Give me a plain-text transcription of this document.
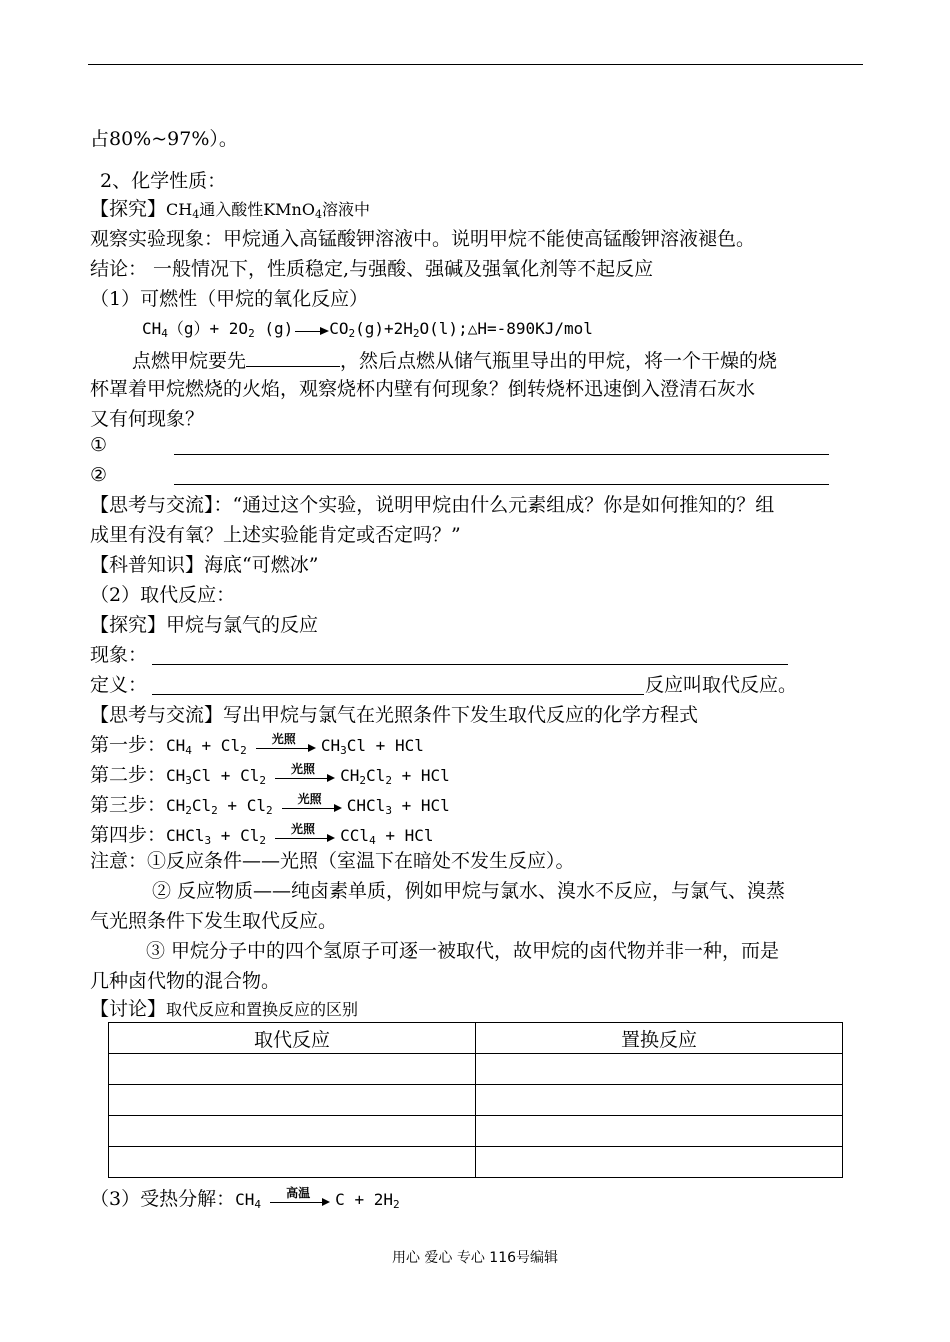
占80%~97%）。
2、化学性质：
【探究】$CH_4$通入酸性KMnO$_4$溶液中
观察实验现象：甲烷通入高锰酸钾溶液中。说明甲烷不能使高锰酸钾溶液褪色。
结论： 一般情况下，性质稳定,与强酸、强碱及强氧化剂等不起反应
（1）可燃性（甲烷的氧化反应）
$CH_4(g)+ 2O_2$ (g) $CO_2(g)+2H_2O(l);\triangle H=-890KJ$/mol
点燃甲烷要先	，然后点燃从储气瓶里导出的甲烷，将一个干燥的烧
杯罩着甲烷燃烧的火焰，观察烧杯内壁有何现象？倒转烧杯迅速倒入澄清石灰水
又有何现象？
①
②
【思考与交流】：“通过这个实验，说明甲烷由什么元素组成？你是如何推知的？组
成里有没有氧？上述实验能肯定或否定吗？”
【科普知识】海底“可燃冰”
（2）取代反应：
【探究】甲烷与氯气的反应
现象：
定义：	反应叫取代反应。
【思考与交流】写出甲烷与氯气在光照条件下发生取代反应的化学方程式
第一步：$CH_4 + Cl_2$
光照	$CH_3Cl$ + HCl
第二步：$CH_3Cl + Cl_2$
光照	$CH_2Cl_2$ + HCl
第三步：$CH_2Cl_2 + Cl_2$
光照	CHCl$_3$ + HCl
第四步：CHCl$_3$ + $Cl_2$
光照	CCl$_4$ + HCl
注意：①反应条件——光照（室温下在暗处不发生反应）。
② 反应物质——纯卤素单质，例如甲烷与氯水、溴水不反应，与氯气、溴蒸
气光照条件下发生取代反应。
③ 甲烷分子中的四个氢原子可逐一被取代，故甲烷的卤代物并非一种，而是
几种卤代物的混合物。
【讨论】取代反应和置换反应的区别
取代反应	置换反应

（3）受热分解：$CH_4$
高温	$C + 2H_2$
用心 爱心 专心 116号编辑
